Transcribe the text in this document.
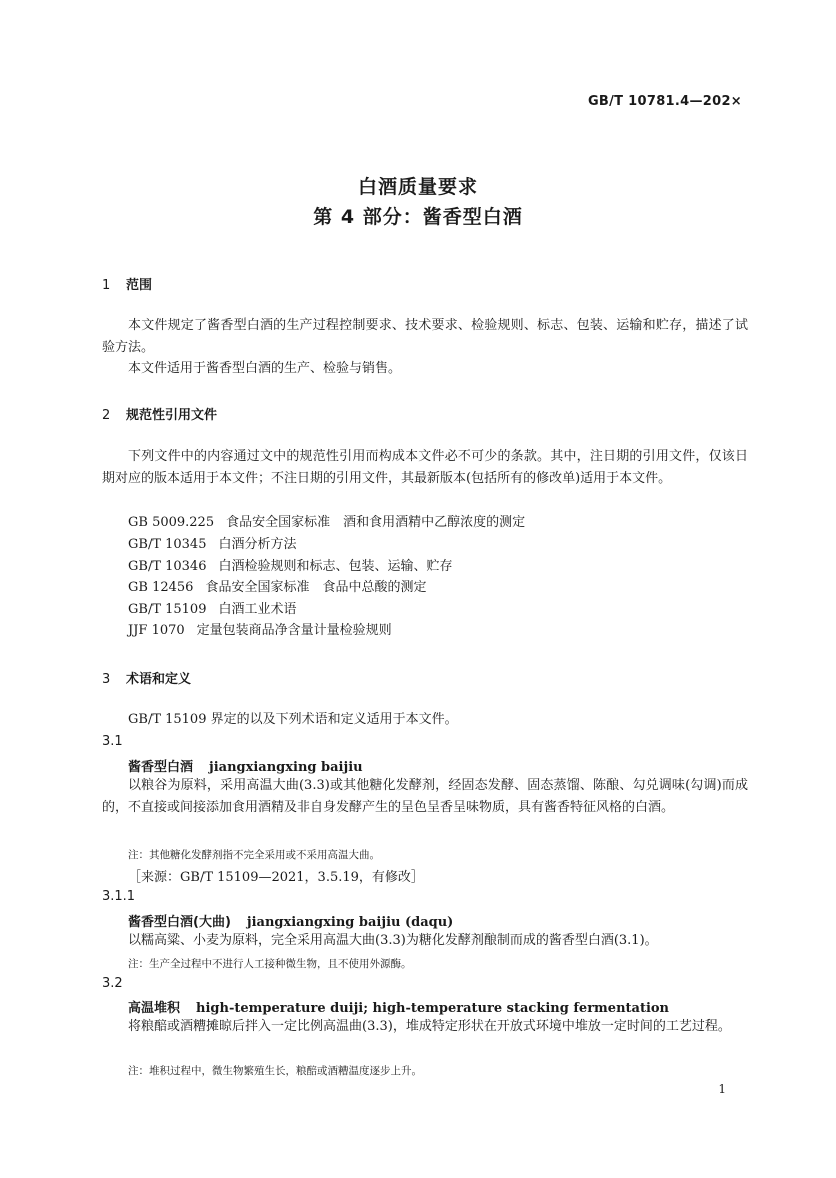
GB/T 10781.4—202×
白酒质量要求
第 4 部分：酱香型白酒
1 范围
本文件规定了酱香型白酒的生产过程控制要求、技术要求、检验规则、标志、包装、运输和贮存，描述了试验方法。
本文件适用于酱香型白酒的生产、检验与销售。
2 规范性引用文件
下列文件中的内容通过文中的规范性引用而构成本文件必不可少的条款。其中，注日期的引用文件，仅该日期对应的版本适用于本文件；不注日期的引用文件，其最新版本(包括所有的修改单)适用于本文件。
GB 5009.225 食品安全国家标准　酒和食用酒精中乙醇浓度的测定
GB/T 10345 白酒分析方法
GB/T 10346 白酒检验规则和标志、包装、运输、贮存
GB 12456 食品安全国家标准　食品中总酸的测定
GB/T 15109 白酒工业术语
JJF 1070 定量包装商品净含量计量检验规则
3 术语和定义
GB/T 15109 界定的以及下列术语和定义适用于本文件。
3.1
酱香型白酒 jiangxiangxing baijiu
以粮谷为原料，采用高温大曲(3.3)或其他糖化发酵剂，经固态发酵、固态蒸馏、陈酿、勾兑调味(勾调)而成的，不直接或间接添加食用酒精及非自身发酵产生的呈色呈香呈味物质，具有酱香特征风格的白酒。
注：其他糖化发酵剂指不完全采用或不采用高温大曲。
［来源：GB/T 15109—2021，3.5.19，有修改］
3.1.1
酱香型白酒(大曲) jiangxiangxing baijiu (daqu)
以糯高粱、小麦为原料，完全采用高温大曲(3.3)为糖化发酵剂酿制而成的酱香型白酒(3.1)。
注：生产全过程中不进行人工接种微生物，且不使用外源酶。
3.2
高温堆积 high-temperature duiji; high-temperature stacking fermentation
将粮醅或酒糟摊晾后拌入一定比例高温曲(3.3)，堆成特定形状在开放式环境中堆放一定时间的工艺过程。
注：堆积过程中，微生物繁殖生长，粮醅或酒糟温度逐步上升。
1
